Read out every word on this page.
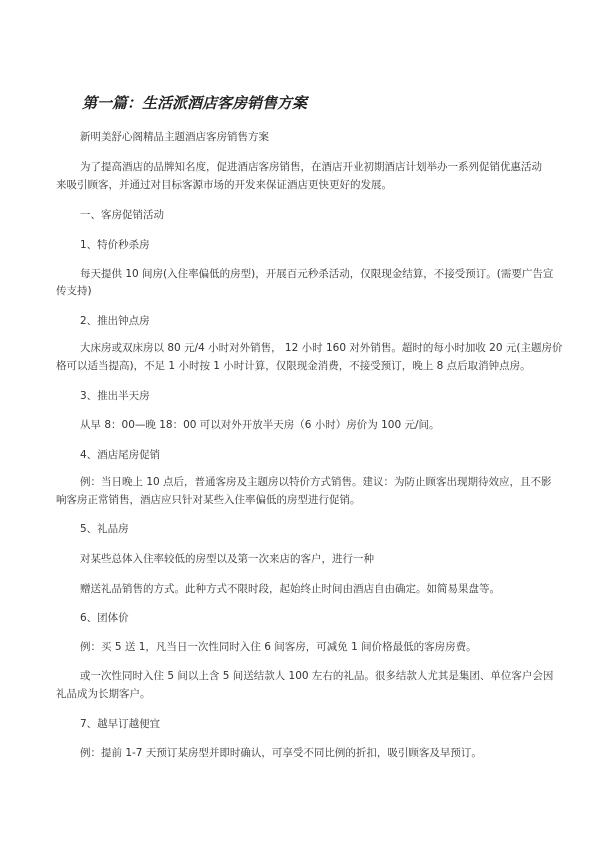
第一篇：生活派酒店客房销售方案
新明美舒心阁精品主题酒店客房销售方案
为了提高酒店的品牌知名度，促进酒店客房销售，在酒店开业初期酒店计划举办一系列促销优惠活动
来吸引顾客，并通过对目标客源市场的开发来保证酒店更快更好的发展。
一、客房促销活动
1、特价秒杀房
每天提供 10 间房(入住率偏低的房型)，开展百元秒杀活动，仅限现金结算，不接受预订。(需要广告宣
传支持)
2、推出钟点房
大床房或双床房以 80 元/4 小时对外销售， 12 小时 160 对外销售。超时的每小时加收 20 元(主题房价
格可以适当提高)，不足 1 小时按 1 小时计算，仅限现金消费，不接受预订，晚上 8 点后取消钟点房。
3、推出半天房
从早 8：00—晚 18：00 可以对外开放半天房（6 小时）房价为 100 元/间。
4、酒店尾房促销
例：当日晚上 10 点后，普通客房及主题房以特价方式销售。建议：为防止顾客出现期待效应，且不影
响客房正常销售，酒店应只针对某些入住率偏低的房型进行促销。
5、礼品房
对某些总体入住率较低的房型以及第一次来店的客户，进行一种
赠送礼品销售的方式。此种方式不限时段，起始终止时间由酒店自由确定。如简易果盘等。
6、团体价
例：买 5 送 1，凡当日一次性同时入住 6 间客房，可减免 1 间价格最低的客房房费。
或一次性同时入住 5 间以上含 5 间送结款人 100 左右的礼品。很多结款人尤其是集团、单位客户会因
礼品成为长期客户。
7、越早订越便宜
例：提前 1-7 天预订某房型并即时确认，可享受不同比例的折扣，吸引顾客及早预订。
